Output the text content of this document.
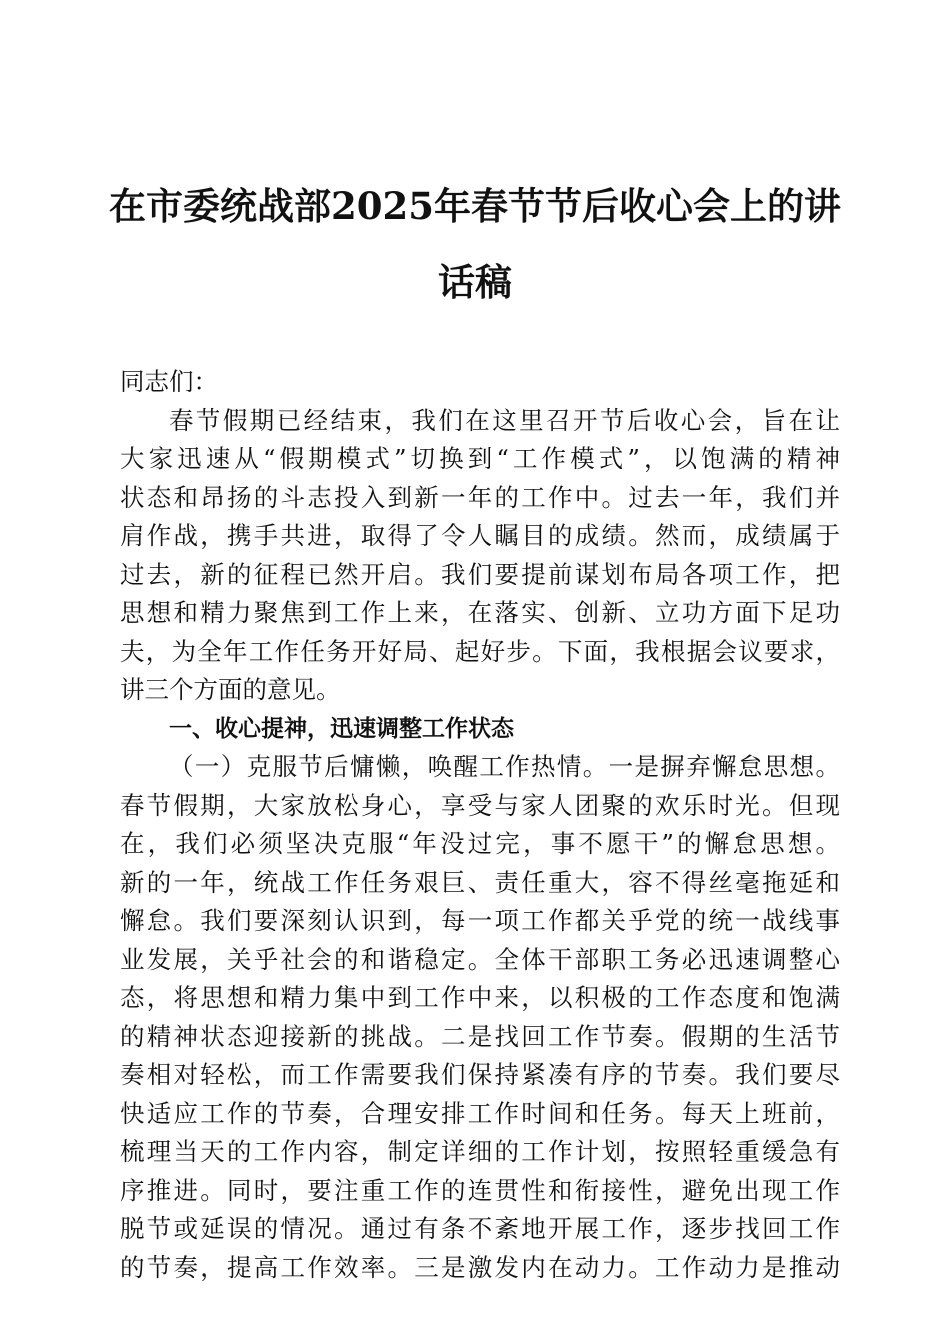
在市委统战部2025年春节节后收心会上的讲
话稿
同志们：
春节假期已经结束，我们在这里召开节后收心会，旨在让
大家迅速从“假期模式”切换到“工作模式”，以饱满的精神
状态和昂扬的斗志投入到新一年的工作中。过去一年，我们并
肩作战，携手共进，取得了令人瞩目的成绩。然而，成绩属于
过去，新的征程已然开启。我们要提前谋划布局各项工作，把
思想和精力聚焦到工作上来，在落实、创新、立功方面下足功
夫，为全年工作任务开好局、起好步。下面，我根据会议要求，
讲三个方面的意见。
一、收心提神，迅速调整工作状态
（一）克服节后慵懒，唤醒工作热情。一是摒弃懈怠思想。
春节假期，大家放松身心，享受与家人团聚的欢乐时光。但现
在，我们必须坚决克服“年没过完，事不愿干”的懈怠思想。
新的一年，统战工作任务艰巨、责任重大，容不得丝毫拖延和
懈怠。我们要深刻认识到，每一项工作都关乎党的统一战线事
业发展，关乎社会的和谐稳定。全体干部职工务必迅速调整心
态，将思想和精力集中到工作中来，以积极的工作态度和饱满
的精神状态迎接新的挑战。二是找回工作节奏。假期的生活节
奏相对轻松，而工作需要我们保持紧凑有序的节奏。我们要尽
快适应工作的节奏，合理安排工作时间和任务。每天上班前，
梳理当天的工作内容，制定详细的工作计划，按照轻重缓急有
序推进。同时，要注重工作的连贯性和衔接性，避免出现工作
脱节或延误的情况。通过有条不紊地开展工作，逐步找回工作
的节奏，提高工作效率。三是激发内在动力。工作动力是推动
